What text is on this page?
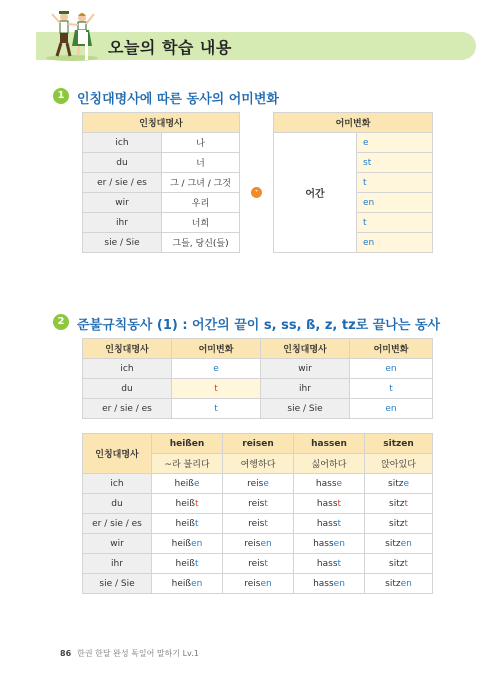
오늘의 학습 내용
1 인칭대명사에 따른 동사의 어미변화
인칭대명사	
ich	나
du	너
er / sie / es	그 / 그녀 / 그것
wir	우리
ihr	너희
sie / Sie	그들, 당신(들)
⁺
어미변화
어간	e
st
t
en
t
en
2 준불규칙동사 (1) : 어간의 끝이 s, ss, ß, z, tz로 끝나는 동사
인칭대명사	어미변화	인칭대명사	어미변화
ich	e	wir	en
du	t	ihr	t
er / sie / es	t	sie / Sie	en
인칭대명사	heißen	reisen	hassen	sitzen
	~라 불리다	여행하다	싫어하다	앉아있다
ich	heiße	reise	hasse	sitze
du	heißt	reist	hasst	sitzt
er / sie / es	heißt	reist	hasst	sitzt
wir	heißen	reisen	hassen	sitzen
ihr	heißt	reist	hasst	sitzt
sie / Sie	heißen	reisen	hassen	sitzen
86 한권 한달 완성 독일어 말하기 Lv.1
